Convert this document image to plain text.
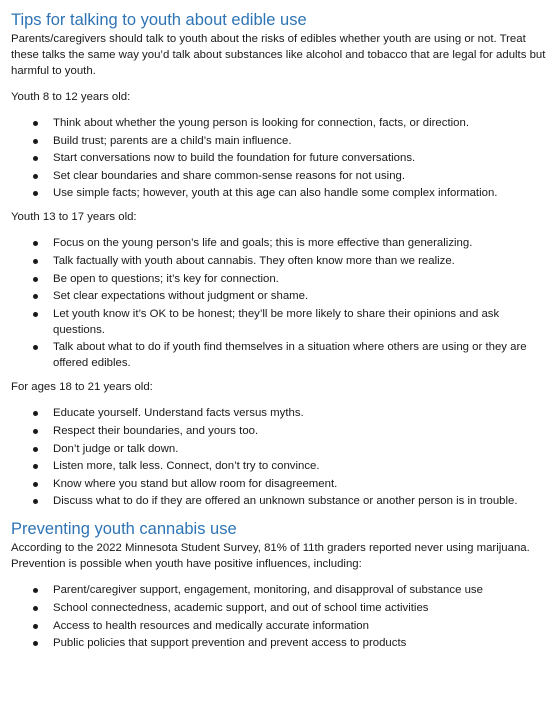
Tips for talking to youth about edible use

Parents/caregivers should talk to youth about the risks of edibles whether youth are using or not. Treat these talks the same way you’d talk about substances like alcohol and tobacco that are legal for adults but harmful to youth.

Youth 8 to 12 years old:

Think about whether the young person is looking for connection, facts, or direction.
Build trust; parents are a child’s main influence.
Start conversations now to build the foundation for future conversations.
Set clear boundaries and share common-sense reasons for not using.
Use simple facts; however, youth at this age can also handle some complex information.

Youth 13 to 17 years old:

Focus on the young person’s life and goals; this is more effective than generalizing.
Talk factually with youth about cannabis. They often know more than we realize.
Be open to questions; it’s key for connection.
Set clear expectations without judgment or shame.
Let youth know it’s OK to be honest; they’ll be more likely to share their opinions and ask questions.
Talk about what to do if youth find themselves in a situation where others are using or they are offered edibles.

For ages 18 to 21 years old:

Educate yourself. Understand facts versus myths.
Respect their boundaries, and yours too.
Don’t judge or talk down.
Listen more, talk less. Connect, don’t try to convince.
Know where you stand but allow room for disagreement.
Discuss what to do if they are offered an unknown substance or another person is in trouble.
Preventing youth cannabis use

According to the 2022 Minnesota Student Survey, 81% of 11th graders reported never using marijuana. Prevention is possible when youth have positive influences, including:

Parent/caregiver support, engagement, monitoring, and disapproval of substance use
School connectedness, academic support, and out of school time activities
Access to health resources and medically accurate information
Public policies that support prevention and prevent access to products
